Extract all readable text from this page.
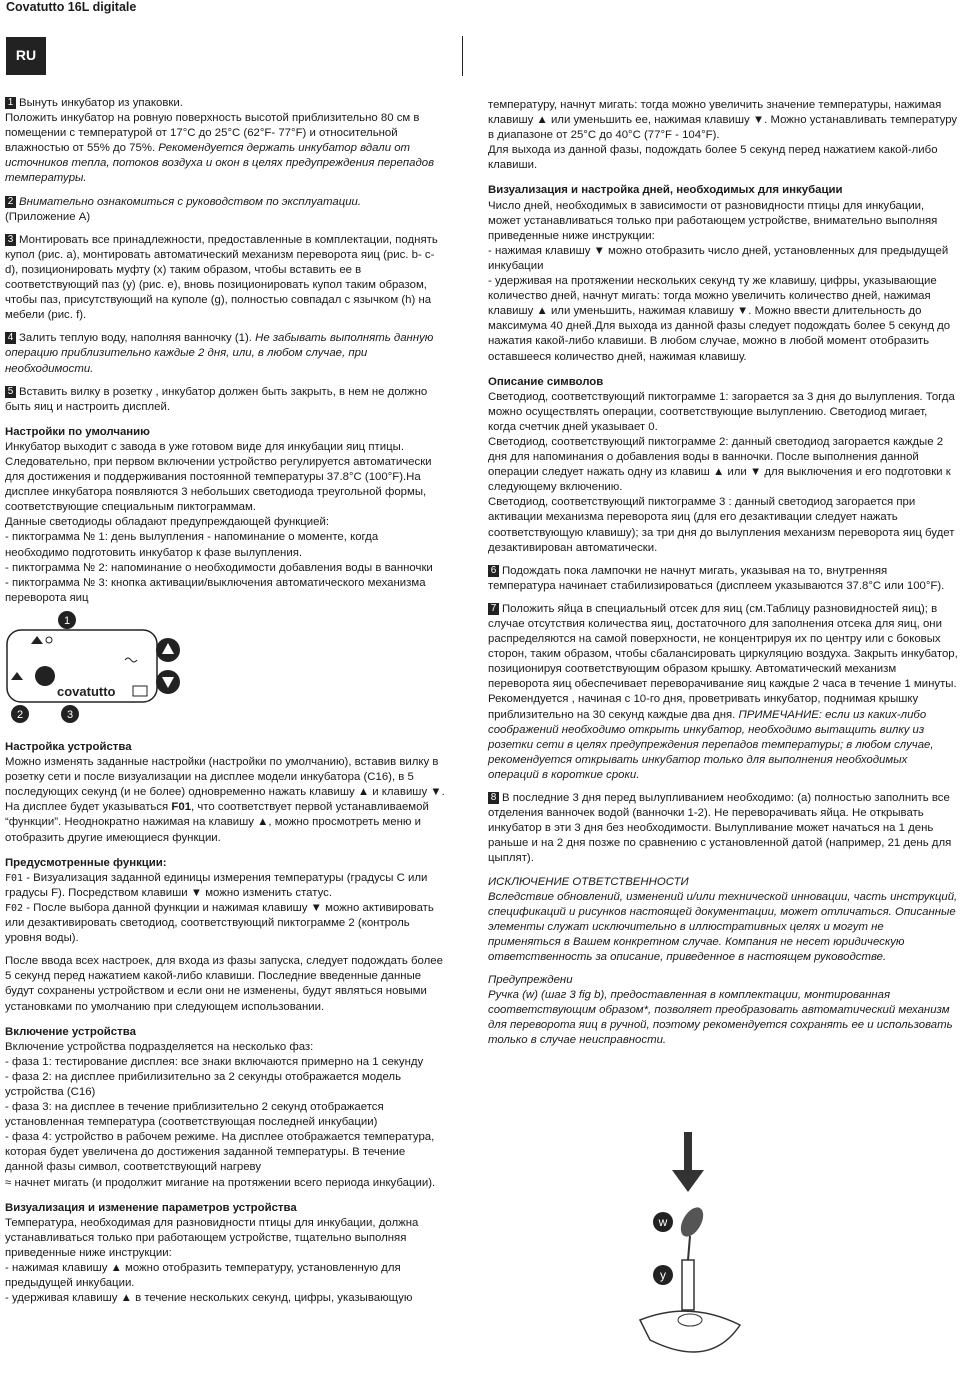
Covatutto 16L digitale
RU

1 Вынуть инкубатор из упаковки.
Положить инкубатор на ровную поверхность высотой приблизительно 80 см в помещении с температурой от 17°C до 25°C (62°F- 77°F) и относительной влажностью от 55% до 75%. Рекомендуется держать инкубатор вдали от источников тепла, потоков воздуха и окон в целях предупреждения перепадов температуры.

2 Внимательно ознакомиться с руководством по эксплуатации.
(Приложение A)

3 Монтировать все принадлежности, предоставленные в комплектации, поднять купол (рис. a), монтировать автоматический механизм переворота яиц (рис. b- c-d), позиционировать муфту (x) таким образом, чтобы вставить ее в соответствующий паз (y) (рис. e), вновь позиционировать купол таким образом, чтобы паз, присутствующий на куполе (g), полностью совпадал с язычком (h) на мебели (рис. f).

4 Залить теплую воду, наполняя ванночку (1). Не забывать выполнять данную операцию приблизительно каждые 2 дня, или, в любом случае, при необходимости.

5 Вставить вилку в розетку , инкубатор должен быть закрыть, в нем не должно быть яиц и настроить дисплей.

Настройки по умолчанию
Инкубатор выходит с завода в уже готовом виде для инкубации яиц птицы. Следовательно, при первом включении устройство регулируется автоматически для достижения и поддерживания постоянной температуры 37.8°C (100°F).На дисплее инкубатора появляются 3 небольших светодиода треугольной формы, соответствующие специальным пиктограммам.
Данные светодиоды обладают предупреждающей функцией:
- пиктограмма № 1: день вылупления - напоминание о моменте, когда необходимо подготовить инкубатор к фазе вылупления.
- пиктограмма № 2: напоминание о необходимости добавления воды в ванночки
- пиктограмма № 3: кнопка активации/выключения автоматического механизма переворота яиц
1
covatutto
2	3
Настройка устройства
Можно изменять заданные настройки (настройки по умолчанию), вставив вилку в розетку сети и после визуализации на дисплее модели инкубатора (C16), в 5 последующих секунд (и не более) одновременно нажать клавишу ▲ и клавишу ▼. На дисплее будет указываться F01, что соответствует первой устанавливаемой “функции”. Неоднократно нажимая на клавишу ▲, можно просмотреть меню и отобразить другие имеющиеся функции.
Предусмотренные функции:
F01 - Визуализация заданной единицы измерения температуры (градусы C или градусы F). Посредством клавиши ▼ можно изменить статус.
F02 - После выбора данной функции и нажимая клавишу ▼ можно активировать или дезактивировать светодиод, соответствующий пиктограмме 2 (контроль уровня воды).

После ввода всех настроек, для входа из фазы запуска, следует подождать более 5 секунд перед нажатием какой-либо клавиши. Последние введенные данные будут сохранены устройством и если они не изменены, будут являться новыми установками по умолчанию при следующем использовании.

Включение устройства
Включение устройства подразделяется на несколько фаз:
- фаза 1: тестирование дисплея: все знаки включаются примерно на 1 секунду
- фаза 2: на дисплее прибилизительно за 2 секунды отображается модель устройства (C16)
- фаза 3: на дисплее в течение приблизительно 2 секунд отображается установленная температура (соответствующая последней инкубации)
- фаза 4: устройство в рабочем режиме. На дисплее отображается температура, которая будет увеличена до достижения заданной температуры. В течение данной фазы символ, соответствующий нагреву
≈ начнет мигать (и продолжит мигание на протяжении всего периода инкубации).
Визуализация и изменение параметров устройства
Температура, необходимая для разновидности птицы для инкубации, должна устанавливаться только при работающем устройстве, тщательно выполняя приведенные ниже инструкции:
- нажимая клавишу ▲ можно отобразить температуру, установленную для предыдущей инкубации.
- удерживая клавишу ▲ в течение нескольких секунд, цифры, указывающую
температуру, начнут мигать: тогда можно увеличить значение температуры, нажимая клавишу ▲ или уменьшить ее, нажимая клавишу ▼. Можно устанавливать температуру в диапазоне от 25°C до 40°C (77°F - 104°F).

Для выхода из данной фазы, подождать более 5 секунд перед нажатием какой-либо клавиши.

Визуализация и настройка дней, необходимых для инкубации
Число дней, необходимых в зависимости от разновидности птицы для инкубации, может устанавливаться только при работающем устройстве, внимательно выполняя приведенные ниже инструкции:
- нажимая клавишу ▼ можно отобразить число дней, установленных для предыдущей инкубации

- удерживая на протяжении нескольких секунд ту же клавишу, цифры, указывающие количество дней, начнут мигать: тогда можно увеличить количество дней, нажимая клавишу ▲ или уменьшить, нажимая клавишу ▼. Можно ввести длительность до максимума 40 дней.Для выхода из данной фазы следует подождать более 5 секунд до нажатия какой-либо клавиши. В любом случае, можно в любой момент отобразить оставшееся количество дней, нажимая клавишу.

Описание символов
Светодиод, соответствующий пиктограмме 1: загорается за 3 дня до вылупления. Тогда можно осуществлять операции, соответствующие вылуплению. Светодиод мигает, когда счетчик дней указывает 0.
Светодиод, соответствующий пиктограмме 2: данный светодиод загорается каждые 2 дня для напоминания о добавления воды в ванночки. После выполнения данной операции следует нажать одну из клавиш ▲ или ▼ для выключения и его подготовки к следующему включению.

Светодиод, соответствующий пиктограмме 3 : данный светодиод загорается при активации механизма переворота яиц (для его дезактивации следует нажать соответствующую клавишу); за три дня до вылупления механизм переворота яиц будет дезактивирован автоматически.

6 Подождать пока лампочки не начнут мигать, указывая на то, внутренняя температура начинает стабилизироваться (дисплеем указываются 37.8°C или 100°F).

7 Положить яйца в специальный отсек для яиц (см.Таблицу разновидностей яиц); в случае отсутствия количества яиц, достаточного для заполнения отсека для яиц, они распределяются на самой поверхности, не концентрируя их по центру или с боковых сторон, таким образом, чтобы сбалансировать циркуляцию воздуха. Закрыть инкубатор, позиционируя соответствующим образом крышку. Автоматический механизм переворота яиц обеспечивает переворачивание яиц каждые 2 часа в течение 1 минуты. Рекомендуется , начиная с 10-го дня, проветривать инкубатор, поднимая крышку приблизительно на 30 секунд каждые два дня. ПРИМЕЧАНИЕ: если из каких-либо соображений необходимо открыть инкубатор, необходимо вытащить вилку из розетки сети в целях предупреждения перепадов температуры; в любом случае, рекомендуется открывать инкубатор только для выполнения необходимых операций в короткие сроки.

8 В последние 3 дня перед вылупливанием необходимо: (a) полностью заполнить все отделения ванночек водой (ванночки 1-2). Не переворачивать яйца. Не открывать инкубатор в эти 3 дня без необходимости. Вылупливание может начаться на 1 день раньше и на 2 дня позже по сравнению с установленной датой (например, 21 день для цыплят).

ИСКЛЮЧЕНИЕ ОТВЕТСТВЕННОСТИ

Вследствие обновлений, изменений и/или технической инновации, часть инструкций, спецификаций и рисунков настоящей документации, может отличаться. Описанные элементы служат исключительно в иллюстративных целях и могут не применяться в Вашем конкретном случае. Компания не несет юридическую ответственность за описание, приведенное в настоящем руководстве.

Предупреждени
Ручка (w) (шаг 3 fig b), предоставленная в комплектации, монтированная соответствующим образом*, позволяет преобразовать автоматический механизм для переворота яиц в ручной, поэтому рекомендуется сохранять ее и использовать только в случае неисправности.
w
y
